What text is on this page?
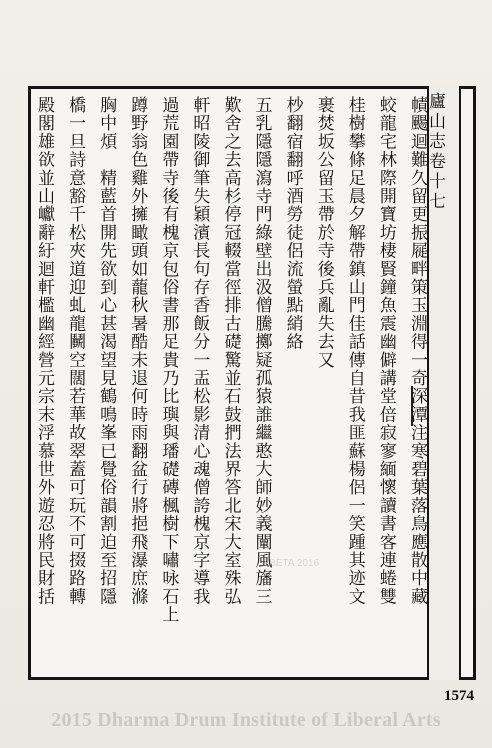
廬山志卷十七
幘颺迴難久留更振屣畔策玉淵得一奇深潭注寒碧葉落鳥應散中藏
蛟龍宅林際開寶坊棲賢鐘魚震幽僻講堂倍寂寥緬懷讀書客連蜷雙
桂樹攀條足晨夕解帶鎮山門佳話傳自昔我匪蘇楊侶一笑踵其迹文
裹焚坂公留玉帶於寺後兵亂失去又
杪翻宿翻呼酒勞徒侶流螢點綃絡
五乳隱隱瀉寺門綠壁出汲僧騰擲疑孤猿誰繼憨大師妙義闡風旛三
歎舍之去高杉停冠輟當徑排古礎驚並石鼓捫法界答北宋大室殊弘
軒昭陵御筆失穎濱長句存香飯分一盂松影清心魂僧誇槐京字導我
過荒園帶寺後有槐京包俗書那足貴乃比璵與璠礎磚楓樹下嘯咏石上
蹲野翁色雞外擁瞰頭如蘢秋暑酷未退何時雨翻盆行將挹飛瀑庶滌
胸中煩　精藍首開先欲到心甚渴望見鶴鳴峯已覺俗韻割迫至招隱
橋一旦詩意豁千松夾道迎虬龍鬭空闊若華故翠蓋可玩不可掇路轉
殿閣雄欲並山巘辭紆迴軒檻幽經營元宗末浮慕世外遊忍將民財括	CBETA 2016
1574
2015 Dharma Drum Institute of Liberal Arts
